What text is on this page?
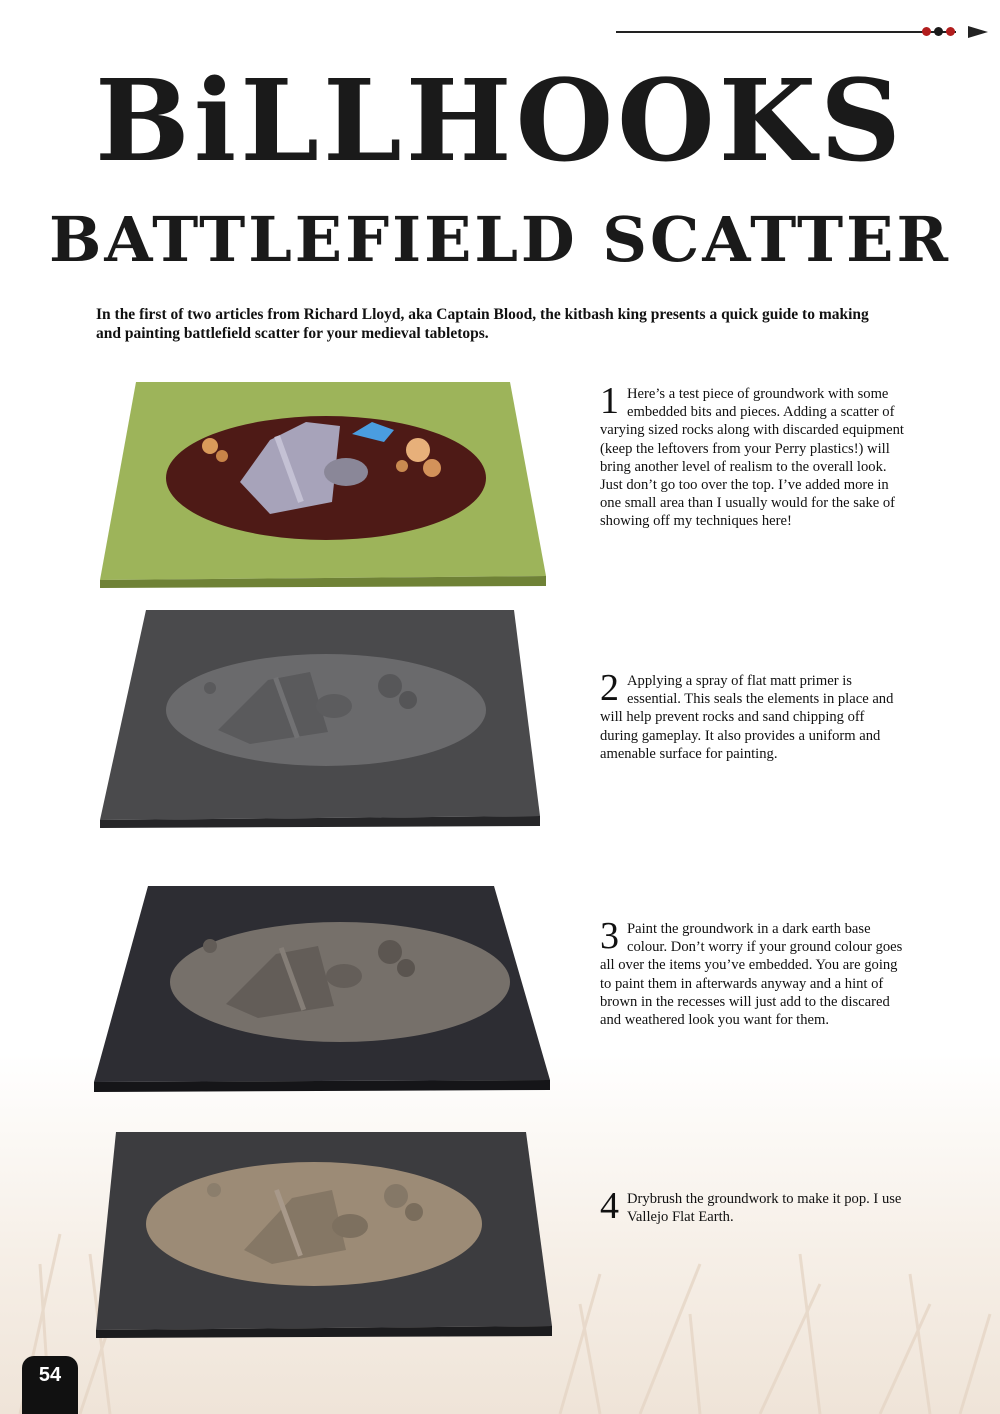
BiLLHOOKS
BATTLEFIELD SCATTER
In the first of two articles from Richard Lloyd, aka Captain Blood, the kitbash king presents a quick guide to making and painting battlefield scatter for your medieval tabletops.
1 Here’s a test piece of groundwork with some embedded bits and pieces. Adding a scatter of varying sized rocks along with discarded equipment (keep the leftovers from your Perry plastics!) will bring another level of realism to the overall look. Just don’t go too over the top. I’ve added more in one small area than I usually would for the sake of showing off my techniques here!
2 Applying a spray of flat matt primer is essential. This seals the elements in place and will help prevent rocks and sand chipping off during gameplay. It also provides a uniform and amenable surface for painting.
3 Paint the groundwork in a dark earth base colour. Don’t worry if your ground colour goes all over the items you’ve embedded. You are going to paint them in afterwards anyway and a hint of brown in the recesses will just add to the discared and weathered look you want for them.
4 Drybrush the groundwork to make it pop. I use Vallejo Flat Earth.
54
